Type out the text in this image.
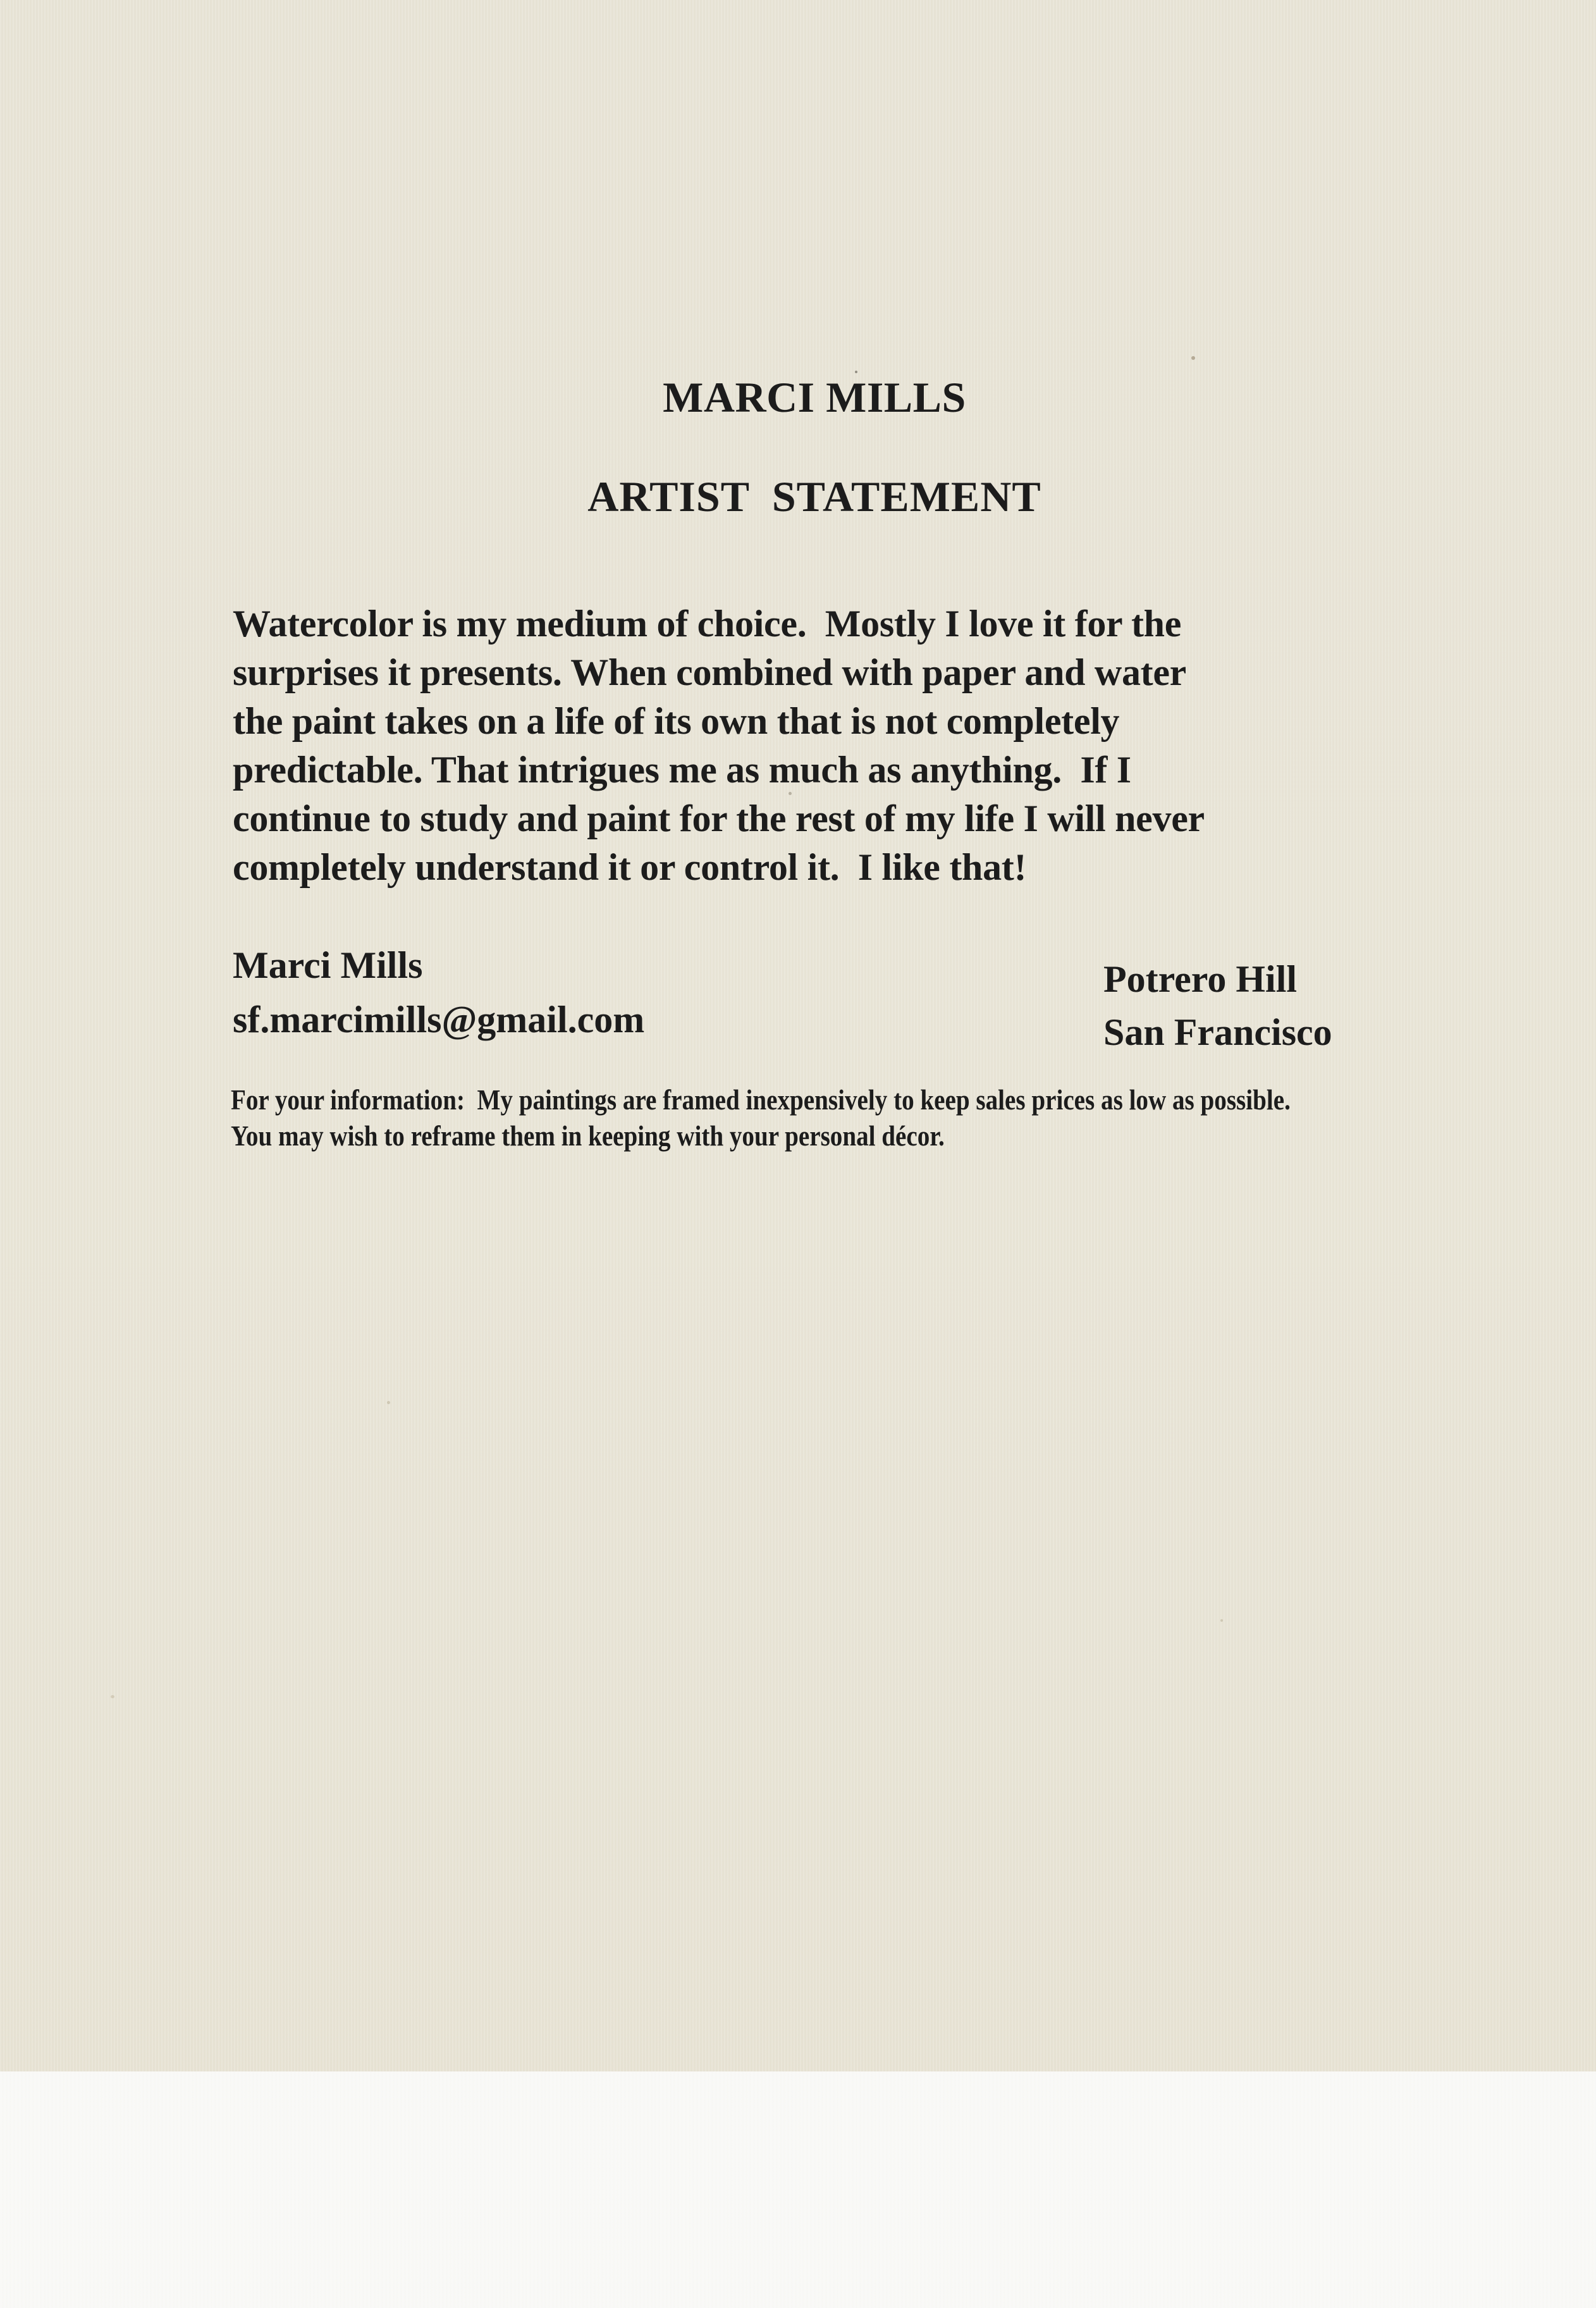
MARCI MILLS
ARTIST  STATEMENT
Watercolor is my medium of choice.  Mostly I love it for the
surprises it presents. When combined with paper and water
the paint takes on a life of its own that is not completely
predictable. That intrigues me as much as anything.  If I
continue to study and paint for the rest of my life I will never
completely understand it or control it.  I like that!
Marci Mills
sf.marcimills@gmail.com
Potrero Hill
San Francisco
For your information:  My paintings are framed inexpensively to keep sales prices as low as possible.
You may wish to reframe them in keeping with your personal décor.
